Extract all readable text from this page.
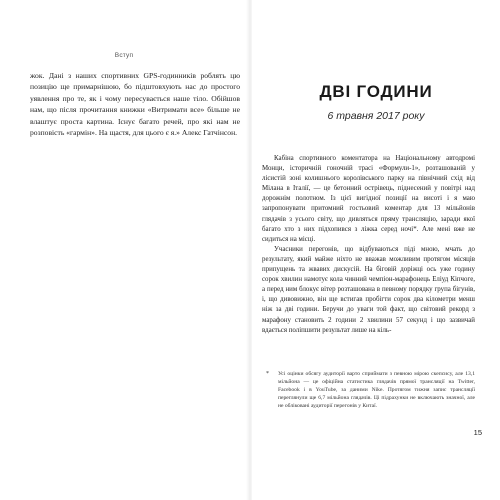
Вступ

жок. Дані з наших спортивних GPS-годинників роблять цю позицію ще примарнішою, бо підштовхують нас до простого уявлення про те, як і чому пересувається наше тіло. Обійшов нам, що після прочитання книжки «Витримати все» більше не влаштує проста картина. Існує багато речей, про які нам не розповість «гармін». На щастя, для цього є я.» Алекс Гатчінсон.

ДВІ ГОДИНИ
6 травня 2017 року

Кабіна спортивного коментатора на Національному автодромі Монци, історичній гоночній трасі «Формули-1», розташованій у лісистій зоні колишнього королівського парку на північний схід від Мілана в Італії, — це бетонний острівець, піднесений у повітрі над дорожнім полотном. Із цієї вигідної позиції на висоті і я маю запропонувати притомний гостьовий коментар для 13 мільйонів глядачів з усього світу, що дивляться пряму трансляцію, заради якої багато хто з них підхопився з ліжка серед ночі*. Але мені вже не сидиться на місці.

Учасники перегонів, що відбуваються піді мною, мчать до результату, який майже ніхто не вважав можливим протягом місяців припущень та жвавих дискусій. На біговій доріжці ось уже годину сорок хвилин намотує кола чинний чемпіон-марафонець Еліуд Кіпчоге, а перед ним блокує вітер розташована в певному порядку група бігунів, і, що дивовижно, він ще встигав пробігти сорок два кілометри менш ніж за дві години. Беручи до уваги той факт, що світовий рекорд з марафону становить 2 години 2 хвилини 57 секунд і що зазвичай вдається поліпшити результат лише на кіль-

* Усі оцінки обсягу аудиторії варто сприймати з певною мірою скепсису, але 13,1 мільйона — це офіційна статистика глядачів прямої трансляції на Twitter, Facebook і в YouTube, за даними Nike. Протягом тижня запис трансляції переглянули ще 6,7 мільйона глядачів. Ці підрахунки не включають значної, але не обліковані аудиторії перегонів у Китаї.

15
